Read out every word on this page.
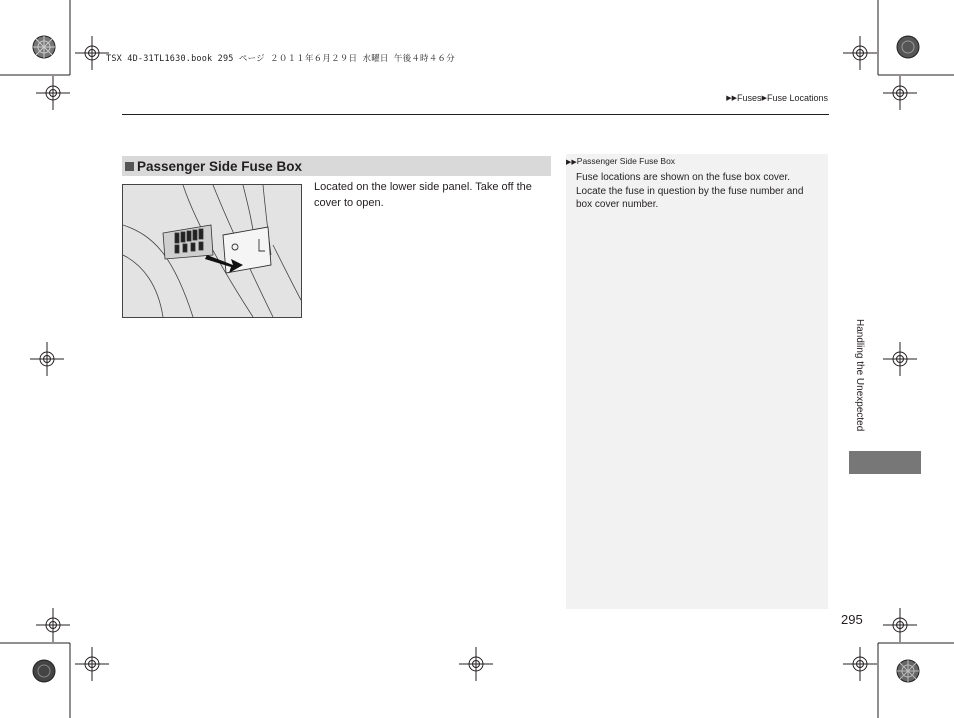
TSX 4D-31TL1630.book 295 ページ ２０１１年６月２９日 水曜日 午後４時４６分
▶▶Fuses▶Fuse Locations
Passenger Side Fuse Box
Located on the lower side panel. Take off the cover to open.
▶▶Passenger Side Fuse Box
Fuse locations are shown on the fuse box cover. Locate the fuse in question by the fuse number and box cover number.
Handling the Unexpected
295
